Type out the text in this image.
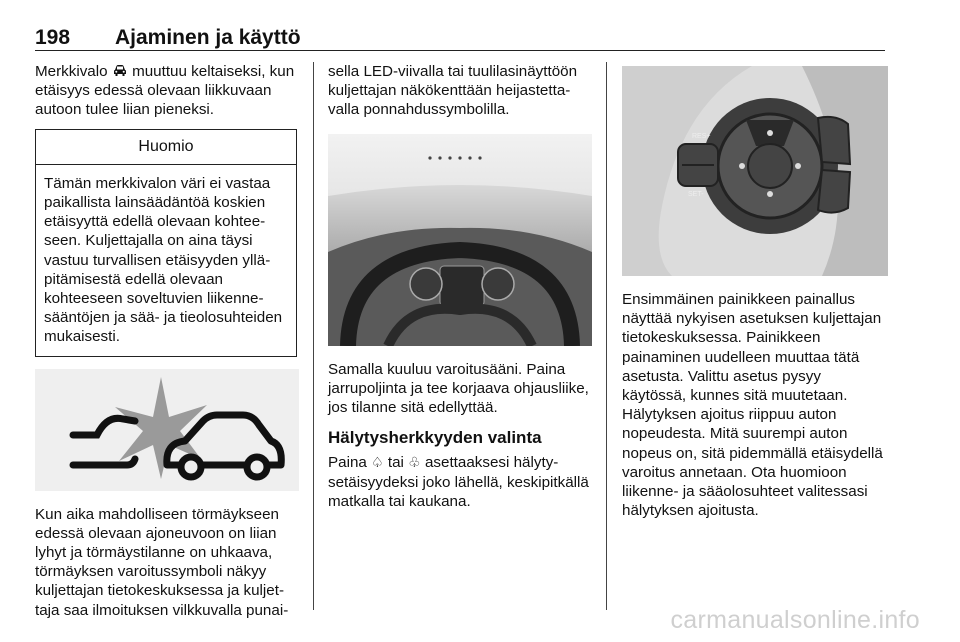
198 Ajaminen ja käyttö

Merkkivalo muuttuu keltaiseksi, kun etäisyys edessä olevaan liikkuvaan autoon tulee liian pieneksi.

Huomio

Tämän merkkivalon väri ei vastaa paikallista lainsäädäntöä koskien etäisyyttä edellä olevaan kohteeseen. Kuljettajalla on aina täysi vastuu turvallisen etäisyyden ylläpitämisestä edellä olevaan kohteeseen soveltuvien liikennesääntöjen ja sää- ja tieolosuhteiden mukaisesti.

Kun aika mahdolliseen törmäykseen edessä olevaan ajoneuvoon on liian lyhyt ja törmäystilanne on uhkaava, törmäyksen varoitussymboli näkyy kuljettajan tietokeskuksessa ja kuljettaja saa ilmoituksen vilkkuvalla punai-

sella LED-viivalla tai tuulilasinäyttöön kuljettajan näkökenttään heijastettavalla ponnahdussymbolilla.

Samalla kuuluu varoitusääni. Paina jarrupoljinta ja tee korjaava ohjausliike, jos tilanne sitä edellyttää.

Hälytysherkkyyden valinta

Paina ♤ tai ♧ asettaaksesi hälytysetäisyydeksi joko lähellä, keskipitkällä matkalla tai kaukana.

RES+
SET-

Ensimmäinen painikkeen painallus näyttää nykyisen asetuksen kuljettajan tietokeskuksessa. Painikkeen painaminen uudelleen muuttaa tätä asetusta. Valittu asetus pysyy käytössä, kunnes sitä muutetaan. Hälytyksen ajoitus riippuu auton nopeudesta. Mitä suurempi auton nopeus on, sitä pidemmällä etäisydellä varoitus annetaan. Ota huomioon liikenne- ja sääolosuhteet valitessasi hälytyksen ajoitusta.

carmanualsonline.info
